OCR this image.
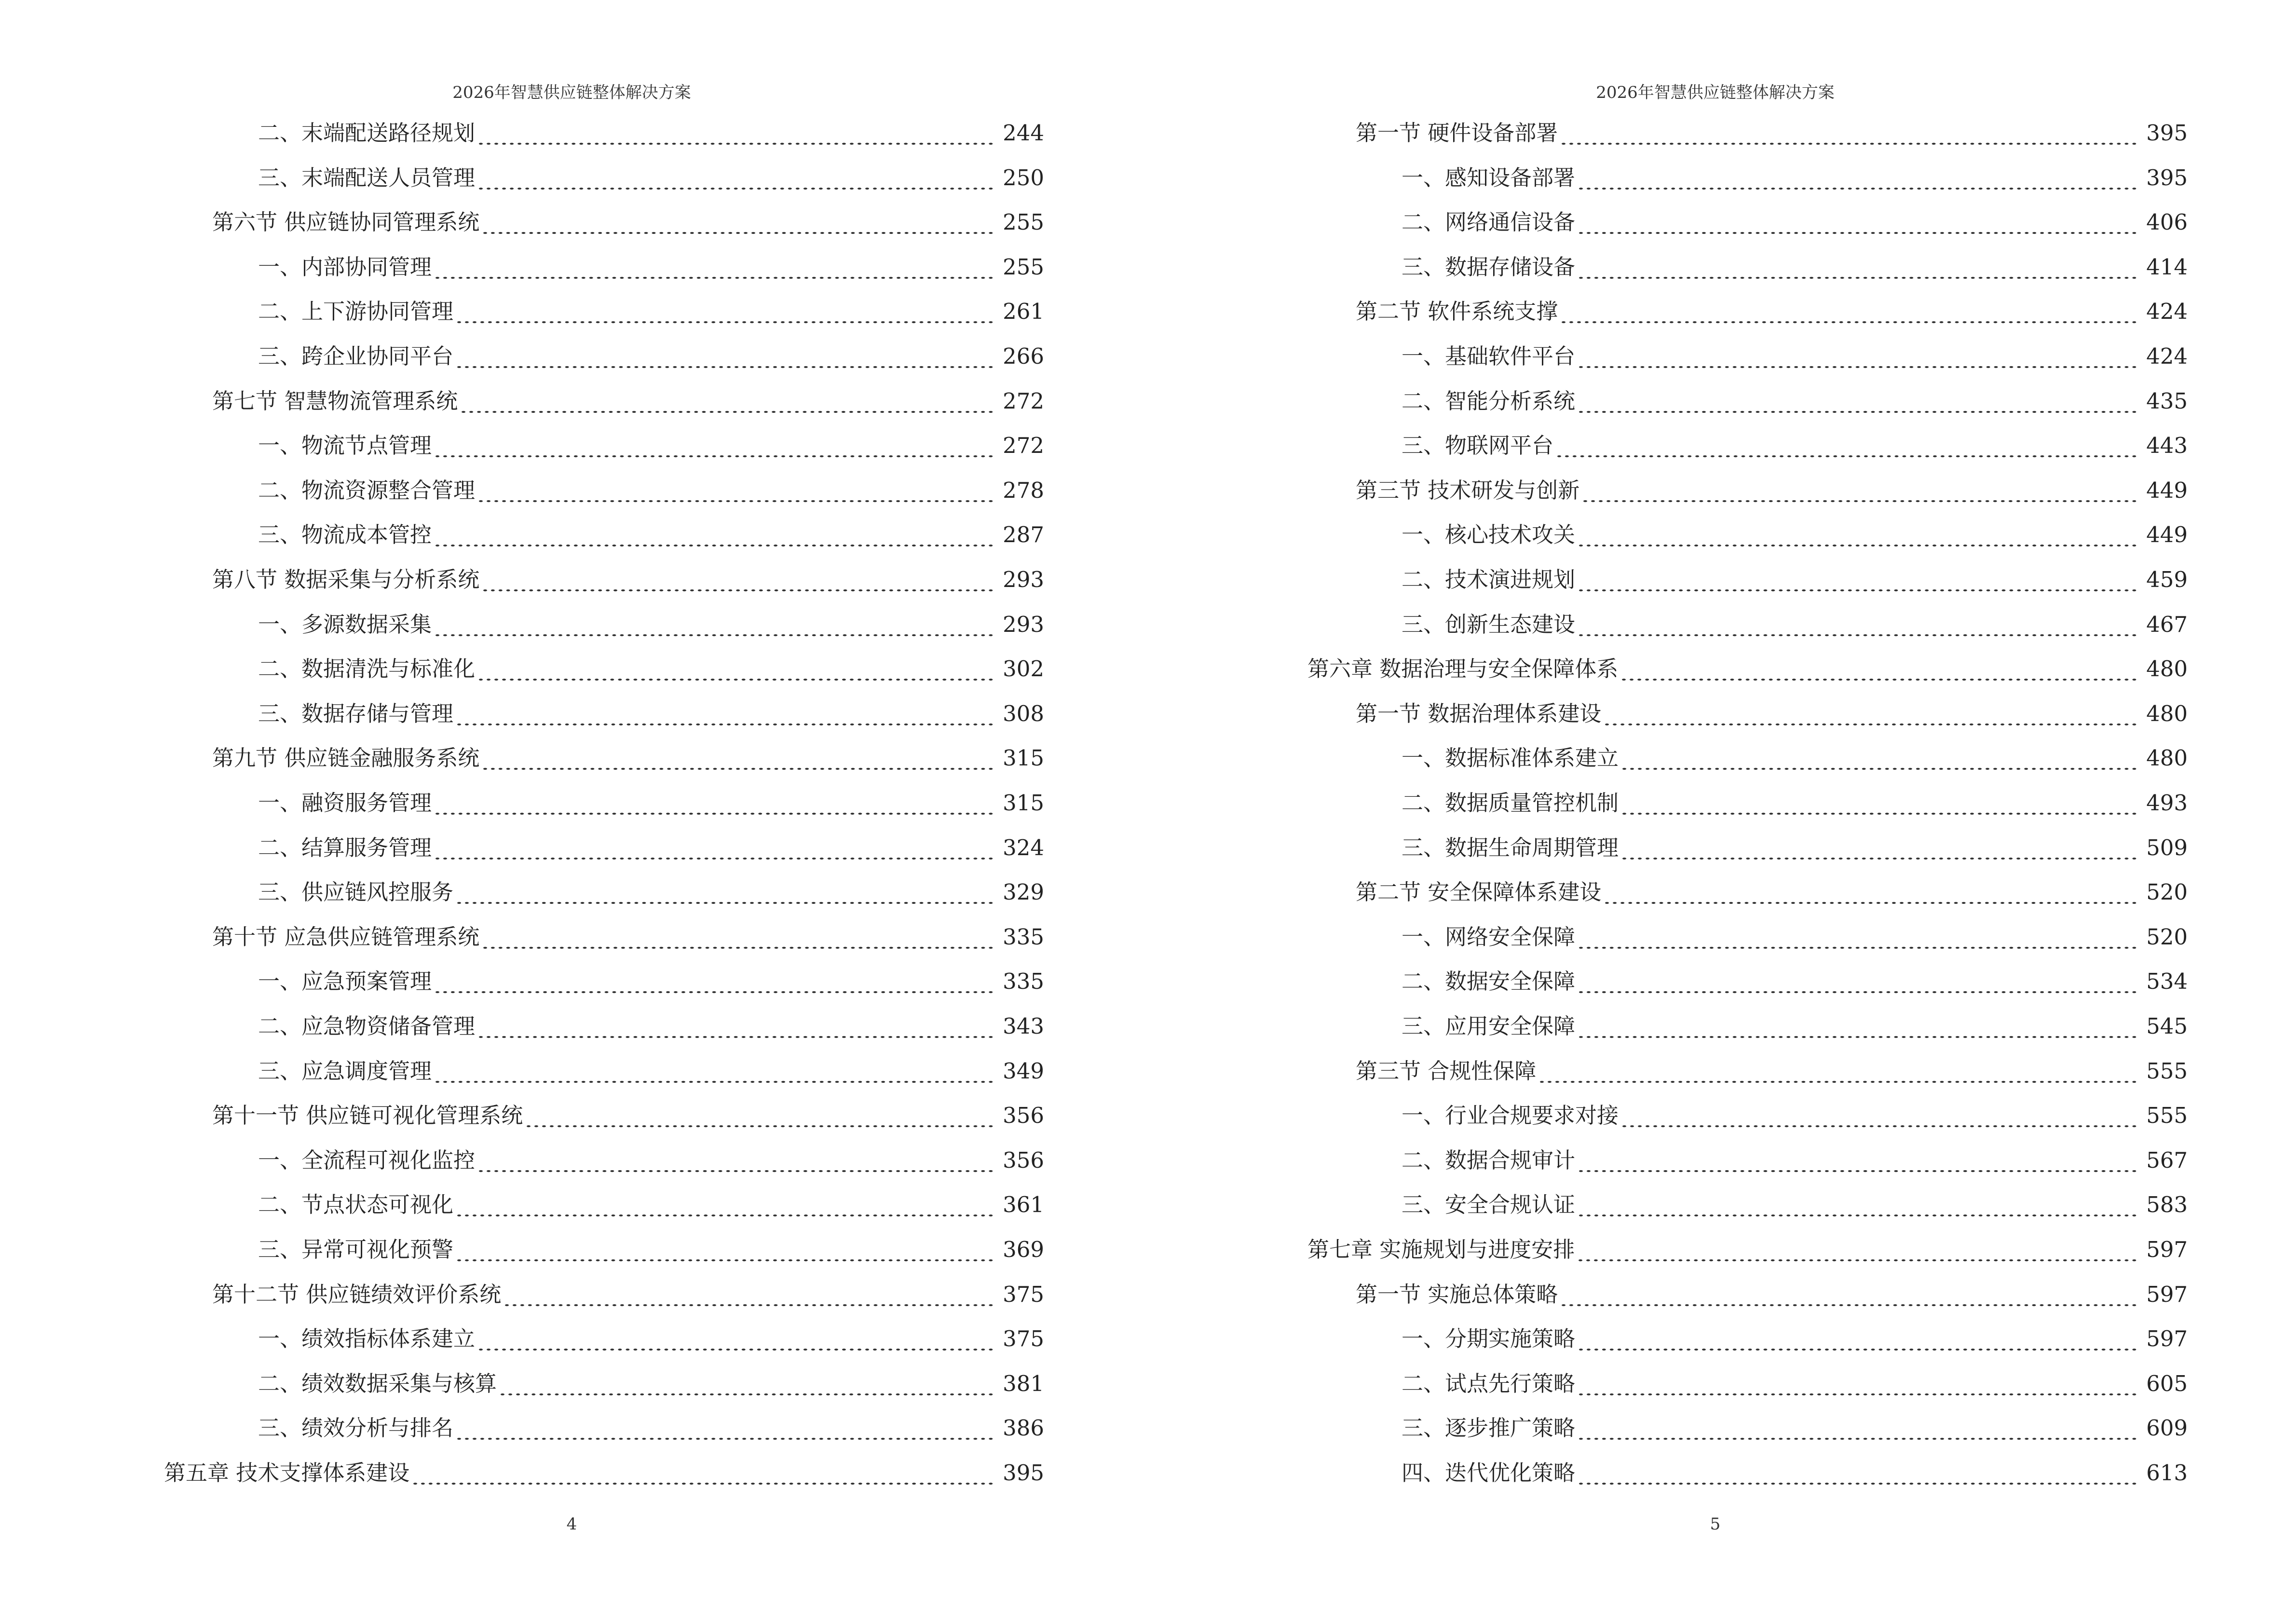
2026年智慧供应链整体解决方案
二、末端配送路径规划	244
三、末端配送人员管理	250
第六节 供应链协同管理系统	255
一、内部协同管理	255
二、上下游协同管理	261
三、跨企业协同平台	266
第七节 智慧物流管理系统	272
一、物流节点管理	272
二、物流资源整合管理	278
三、物流成本管控	287
第八节 数据采集与分析系统	293
一、多源数据采集	293
二、数据清洗与标准化	302
三、数据存储与管理	308
第九节 供应链金融服务系统	315
一、融资服务管理	315
二、结算服务管理	324
三、供应链风控服务	329
第十节 应急供应链管理系统	335
一、应急预案管理	335
二、应急物资储备管理	343
三、应急调度管理	349
第十一节 供应链可视化管理系统	356
一、全流程可视化监控	356
二、节点状态可视化	361
三、异常可视化预警	369
第十二节 供应链绩效评价系统	375
一、绩效指标体系建立	375
二、绩效数据采集与核算	381
三、绩效分析与排名	386
第五章 技术支撑体系建设	395
4
2026年智慧供应链整体解决方案
第一节 硬件设备部署	395
一、感知设备部署	395
二、网络通信设备	406
三、数据存储设备	414
第二节 软件系统支撑	424
一、基础软件平台	424
二、智能分析系统	435
三、物联网平台	443
第三节 技术研发与创新	449
一、核心技术攻关	449
二、技术演进规划	459
三、创新生态建设	467
第六章 数据治理与安全保障体系	480
第一节 数据治理体系建设	480
一、数据标准体系建立	480
二、数据质量管控机制	493
三、数据生命周期管理	509
第二节 安全保障体系建设	520
一、网络安全保障	520
二、数据安全保障	534
三、应用安全保障	545
第三节 合规性保障	555
一、行业合规要求对接	555
二、数据合规审计	567
三、安全合规认证	583
第七章 实施规划与进度安排	597
第一节 实施总体策略	597
一、分期实施策略	597
二、试点先行策略	605
三、逐步推广策略	609
四、迭代优化策略	613
5
